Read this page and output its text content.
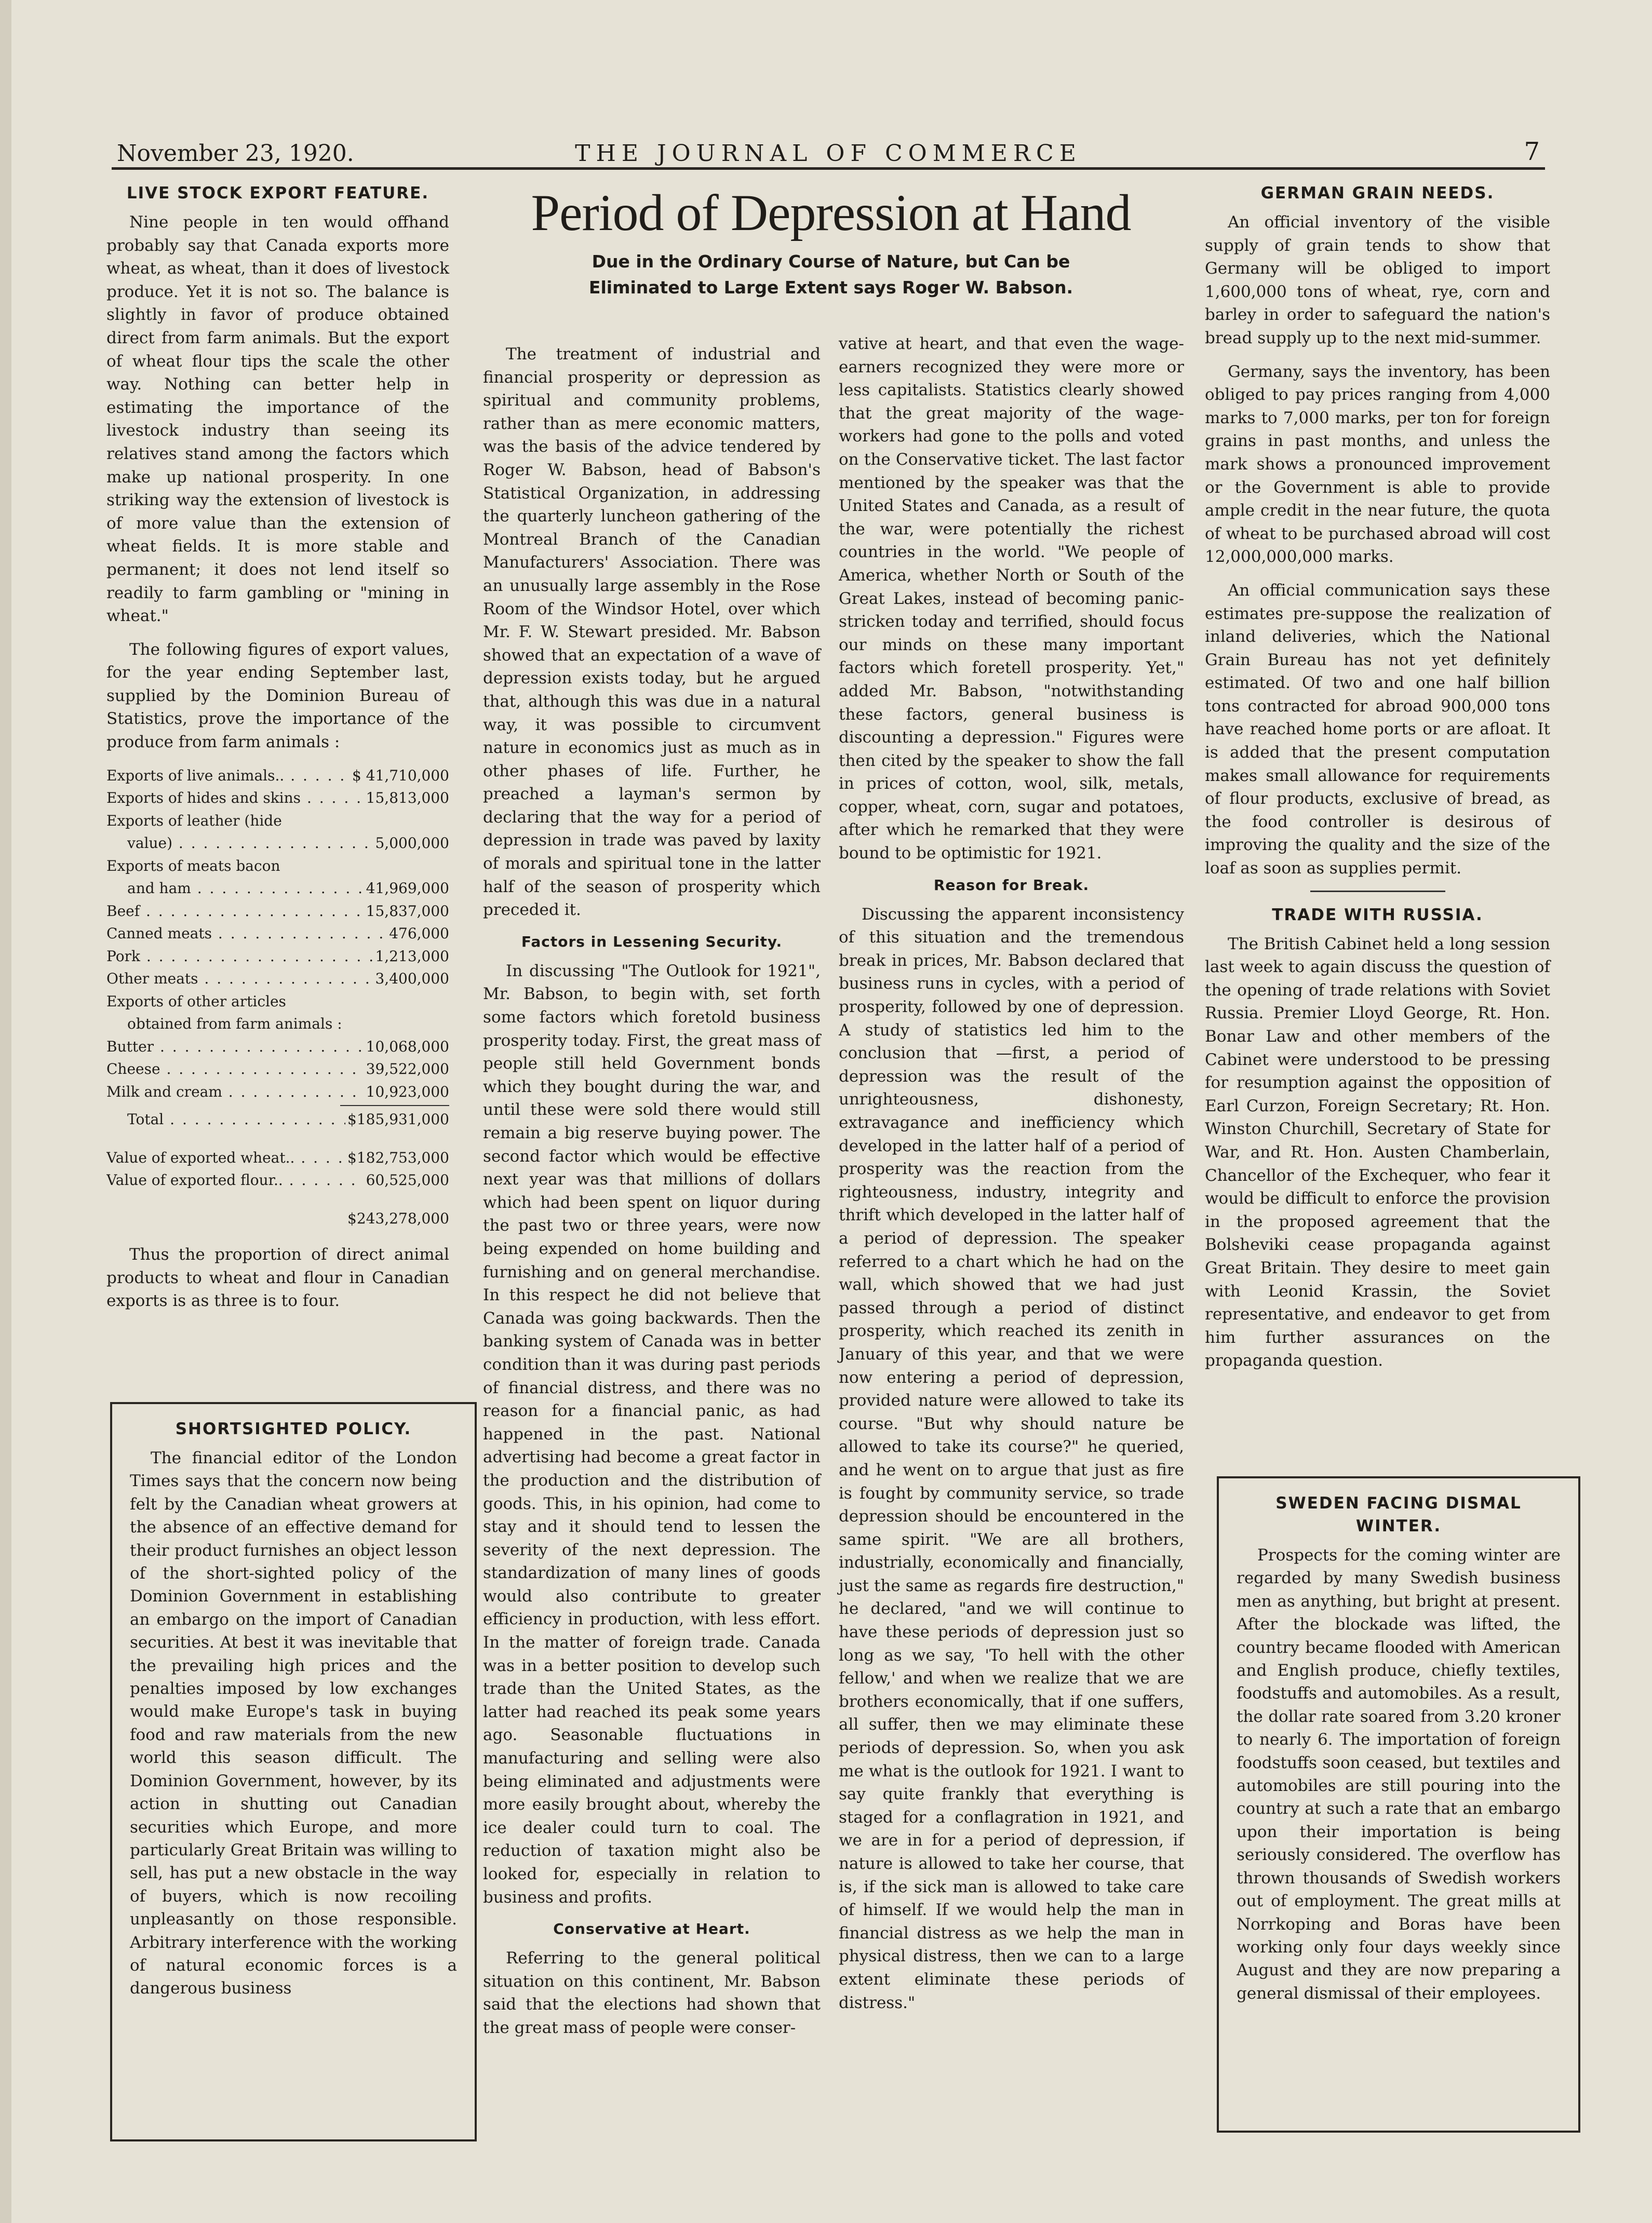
November 23, 1920.	THE JOURNAL OF COMMERCE	7
LIVE STOCK EXPORT FEATURE.

Nine people in ten would offhand probably say that Canada exports more wheat, as wheat, than it does of livestock produce. Yet it is not so. The balance is slightly in favor of produce obtained direct from farm animals. But the export of wheat flour tips the scale the other way. Nothing can better help in estimating the importance of the livestock industry than seeing its relatives stand among the factors which make up national prosperity. In one striking way the extension of livestock is of more value than the extension of wheat fields. It is more stable and permanent; it does not lend itself so readily to farm gambling or "mining in wheat."

The following figures of export values, for the year ending September last, supplied by the Dominion Bureau of Statistics, prove the importance of the produce from farm animals :

Exports of live animals.. . . .	$ 41,710,000
Exports of hides and skins . . .	15,813,000
Exports of leather (hide
value) . . .	5,000,000
Exports of meats bacon
and ham . . .	41,969,000
Beef . . .	15,837,000
Canned meats . . .	476,000
Pork . . .	1,213,000
Other meats . . .	3,400,000
Exports of other articles
obtained from farm animals :
Butter . . .	10,068,000
Cheese . . .	39,522,000
Milk and cream . . .	10,923,000
Total . . .	$185,931,000
Value of exported wheat.. . . .	$182,753,000
Value of exported flour.. . . .	60,525,000
$243,278,000

Thus the proportion of direct animal products to wheat and flour in Canadian exports is as three is to four.

SHORTSIGHTED POLICY.

The financial editor of the London Times says that the concern now being felt by the Canadian wheat growers at the absence of an effective demand for their product furnishes an object lesson of the short-sighted policy of the Dominion Government in establishing an embargo on the import of Canadian securities. At best it was inevitable that the prevailing high prices and the penalties imposed by low exchanges would make Europe's task in buying food and raw materials from the new world this season difficult. The Dominion Government, however, by its action in shutting out Canadian securities which Europe, and more particularly Great Britain was willing to sell, has put a new obstacle in the way of buyers, which is now recoiling unpleasantly on those responsible. Arbitrary interference with the working of natural economic forces is a dangerous business

Period of Depression at Hand
Due in the Ordinary Course of Nature, but Can be
Eliminated to Large Extent says Roger W. Babson.

The treatment of industrial and financial prosperity or depression as spiritual and community problems, rather than as mere economic matters, was the basis of the advice tendered by Roger W. Babson, head of Babson's Statistical Organization, in addressing the quarterly luncheon gathering of the Montreal Branch of the Canadian Manufacturers' Association. There was an unusually large assembly in the Rose Room of the Windsor Hotel, over which Mr. F. W. Stewart presided. Mr. Babson showed that an expectation of a wave of depression exists today, but he argued that, although this was due in a natural way, it was possible to circumvent nature in economics just as much as in other phases of life. Further, he preached a layman's sermon by declaring that the way for a period of depression in trade was paved by laxity of morals and spiritual tone in the latter half of the season of prosperity which preceded it.

Factors in Lessening Security.

In discussing "The Outlook for 1921", Mr. Babson, to begin with, set forth some factors which foretold business prosperity today. First, the great mass of people still held Government bonds which they bought during the war, and until these were sold there would still remain a big reserve buying power. The second factor which would be effective next year was that millions of dollars which had been spent on liquor during the past two or three years, were now being expended on home building and furnishing and on general merchandise. In this respect he did not believe that Canada was going backwards. Then the banking system of Canada was in better condition than it was during past periods of financial distress, and there was no reason for a financial panic, as had happened in the past. National advertising had become a great factor in the production and the distribution of goods. This, in his opinion, had come to stay and it should tend to lessen the severity of the next depression. The standardization of many lines of goods would also contribute to greater efficiency in production, with less effort. In the matter of foreign trade. Canada was in a better position to develop such trade than the United States, as the latter had reached its peak some years ago. Seasonable fluctuations in manufacturing and selling were also being eliminated and adjustments were more easily brought about, whereby the ice dealer could turn to coal. The reduction of taxation might also be looked for, especially in relation to business and profits.

Conservative at Heart.

Referring to the general political situation on this continent, Mr. Babson said that the elections had shown that the great mass of people were conser-

vative at heart, and that even the wage-earners recognized they were more or less capitalists. Statistics clearly showed that the great majority of the wage-workers had gone to the polls and voted on the Conservative ticket. The last factor mentioned by the speaker was that the United States and Canada, as a result of the war, were potentially the richest countries in the world. "We people of America, whether North or South of the Great Lakes, instead of becoming panic-stricken today and terrified, should focus our minds on these many important factors which foretell prosperity. Yet," added Mr. Babson, "notwithstanding these factors, general business is discounting a depression." Figures were then cited by the speaker to show the fall in prices of cotton, wool, silk, metals, copper, wheat, corn, sugar and potatoes, after which he remarked that they were bound to be optimistic for 1921.

Reason for Break.

Discussing the apparent inconsistency of this situation and the tremendous break in prices, Mr. Babson declared that business runs in cycles, with a period of prosperity, followed by one of depression. A study of statistics led him to the conclusion that —first, a period of depression was the result of the unrighteousness, dishonesty, extravagance and inefficiency which developed in the latter half of a period of prosperity was the reaction from the righteousness, industry, integrity and thrift which developed in the latter half of a period of depression. The speaker referred to a chart which he had on the wall, which showed that we had just passed through a period of distinct prosperity, which reached its zenith in January of this year, and that we were now entering a period of depression, provided nature were allowed to take its course. "But why should nature be allowed to take its course?" he queried, and he went on to argue that just as fire is fought by community service, so trade depression should be encountered in the same spirit. "We are all brothers, industrially, economically and financially, just the same as regards fire destruction," he declared, "and we will continue to have these periods of depression just so long as we say, 'To hell with the other fellow,' and when we realize that we are brothers economically, that if one suffers, all suffer, then we may eliminate these periods of depression. So, when you ask me what is the outlook for 1921. I want to say quite frankly that everything is staged for a conflagration in 1921, and we are in for a period of depression, if nature is allowed to take her course, that is, if the sick man is allowed to take care of himself. If we would help the man in financial distress as we help the man in physical distress, then we can to a large extent eliminate these periods of distress."

GERMAN GRAIN NEEDS.

An official inventory of the visible supply of grain tends to show that Germany will be obliged to import 1,600,000 tons of wheat, rye, corn and barley in order to safeguard the nation's bread supply up to the next mid-summer.

Germany, says the inventory, has been obliged to pay prices ranging from 4,000 marks to 7,000 marks, per ton for foreign grains in past months, and unless the mark shows a pronounced improvement or the Government is able to provide ample credit in the near future, the quota of wheat to be purchased abroad will cost 12,000,000,000 marks.

An official communication says these estimates pre-suppose the realization of inland deliveries, which the National Grain Bureau has not yet definitely estimated. Of two and one half billion tons contracted for abroad 900,000 tons have reached home ports or are afloat. It is added that the present computation makes small allowance for requirements of flour products, exclusive of bread, as the food controller is desirous of improving the quality and the size of the loaf as soon as supplies permit.

TRADE WITH RUSSIA.

The British Cabinet held a long session last week to again discuss the question of the opening of trade relations with Soviet Russia. Premier Lloyd George, Rt. Hon. Bonar Law and other members of the Cabinet were understood to be pressing for resumption against the opposition of Earl Curzon, Foreign Secretary; Rt. Hon. Winston Churchill, Secretary of State for War, and Rt. Hon. Austen Chamberlain, Chancellor of the Exchequer, who fear it would be difficult to enforce the provision in the proposed agreement that the Bolsheviki cease propaganda against Great Britain. They desire to meet gain with Leonid Krassin, the Soviet representative, and endeavor to get from him further assurances on the propaganda question.

SWEDEN FACING DISMAL
WINTER.

Prospects for the coming winter are regarded by many Swedish business men as anything, but bright at present. After the blockade was lifted, the country became flooded with American and English produce, chiefly textiles, foodstuffs and automobiles. As a result, the dollar rate soared from 3.20 kroner to nearly 6. The importation of foreign foodstuffs soon ceased, but textiles and automobiles are still pouring into the country at such a rate that an embargo upon their importation is being seriously considered. The overflow has thrown thousands of Swedish workers out of employment. The great mills at Norrkoping and Boras have been working only four days weekly since August and they are now preparing a general dismissal of their employees.
